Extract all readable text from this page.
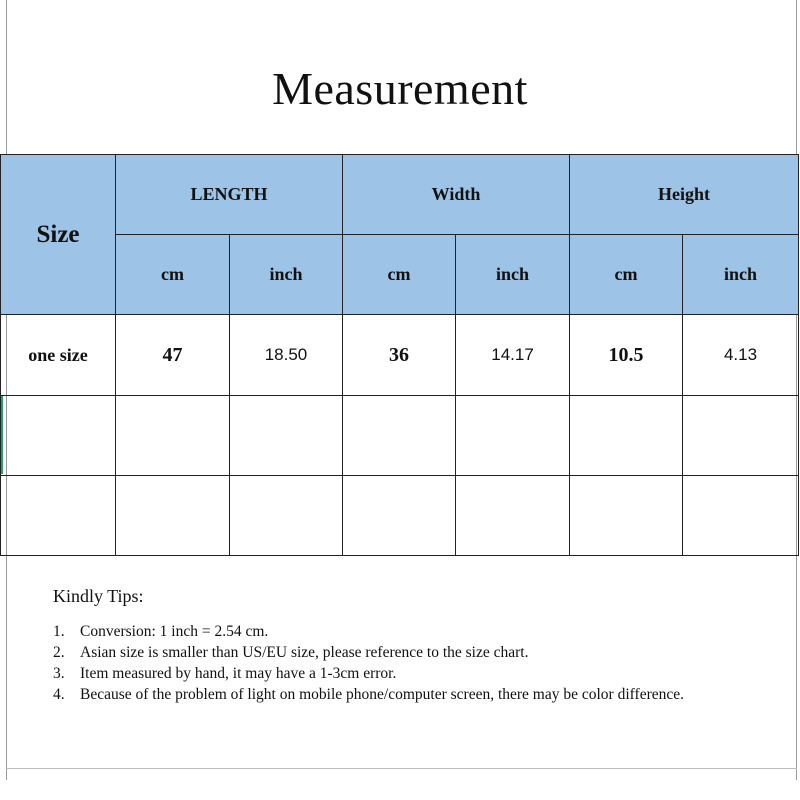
Measurement
Size	LENGTH		Width		Height	
	cm	inch	cm	inch	cm	inch
one size	47	18.50	36	14.17	10.5	4.13

Kindly Tips:
1. Conversion: 1 inch = 2.54 cm.
2. Asian size is smaller than US/EU size, please reference to the size chart.
3. Item measured by hand, it may have a 1-3cm error.
4. Because of the problem of light on mobile phone/computer screen, there may be color difference.
